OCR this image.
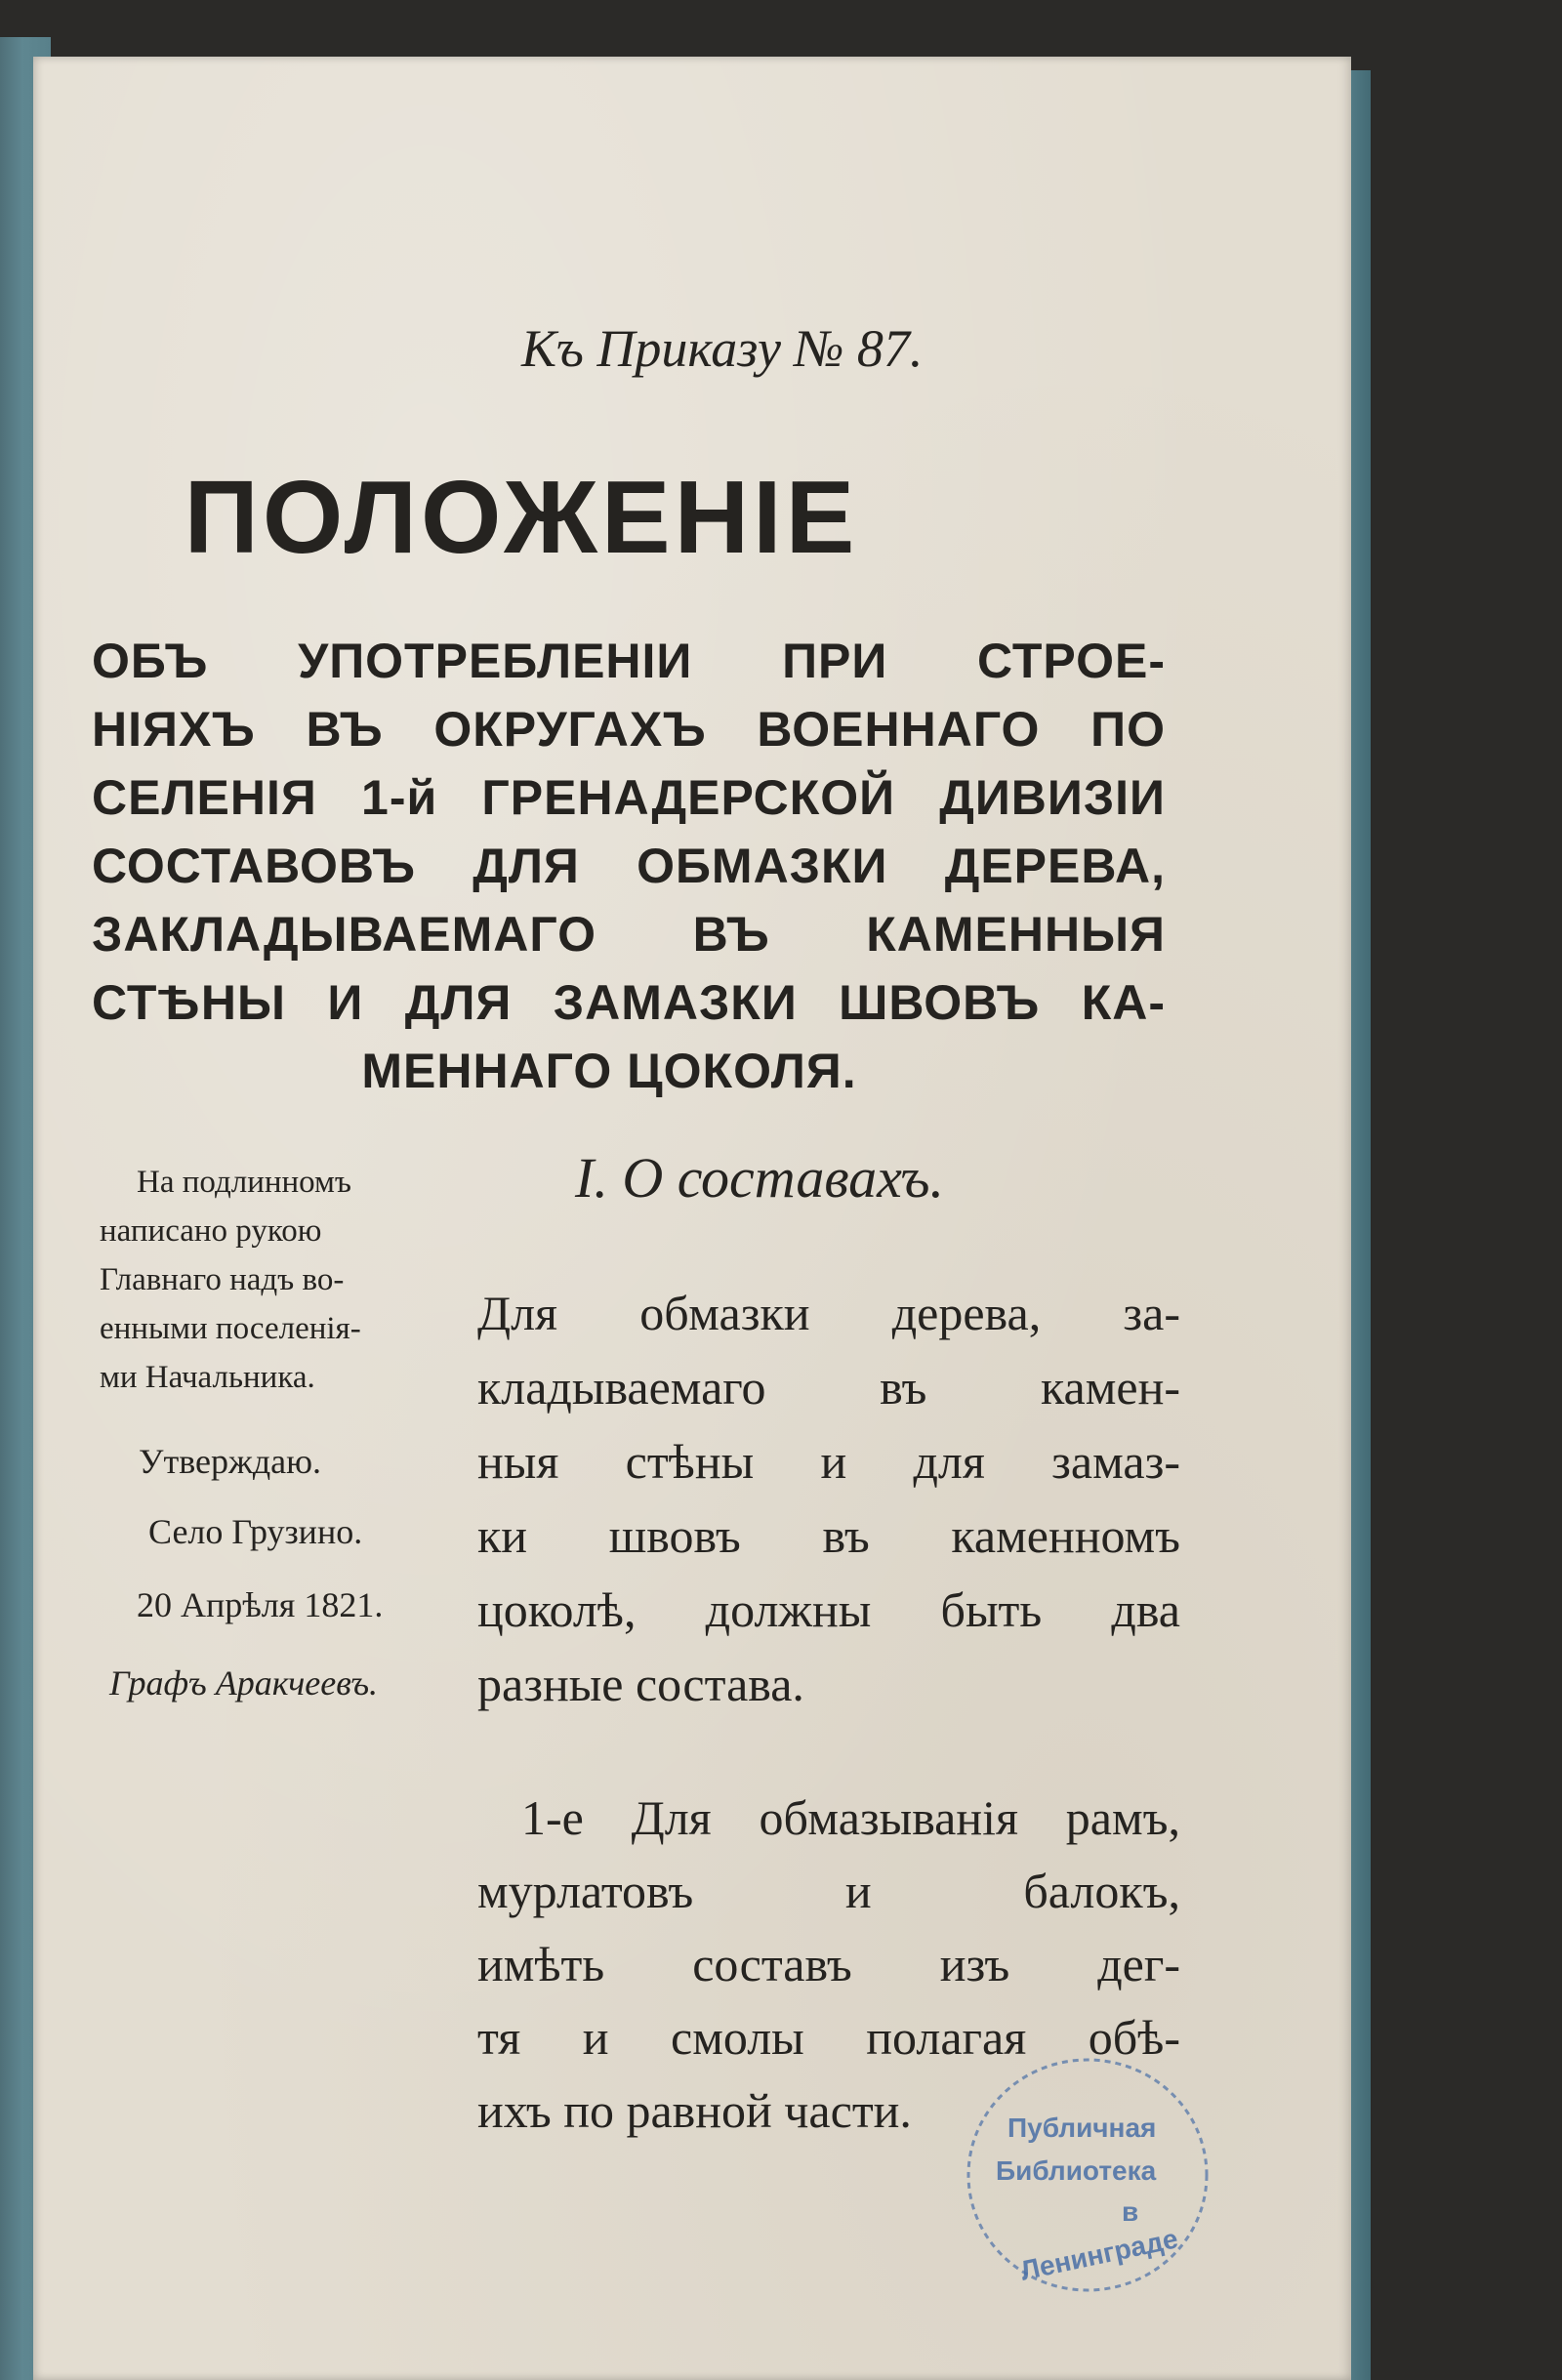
Къ Приказу № 87.

ПОЛОЖЕНІЕ

ОБЪ УПОТРЕБЛЕНІИ ПРИ СТРОЕ-

НІЯХЪ ВЪ ОКРУГАХЪ ВОЕННАГО ПО

СЕЛЕНІЯ 1-й ГРЕНАДЕРСКОЙ ДИВИЗІИ

СОСТАВОВЪ ДЛЯ ОБМАЗКИ ДЕРЕВА,

ЗАКЛАДЫВАЕМАГО ВЪ КАМЕННЫЯ

СТѢНЫ И ДЛЯ ЗАМАЗКИ ШВОВЪ КА-

МЕННАГО ЦОКОЛЯ.

На подлинномъ

написано рукою

Главнаго надъ во-

енными поселенія-

ми Начальника.

Утверждаю.

Село Грузино.

20 Апрѣля 1821.

Графъ Аракчеевъ.

I. О составахъ.

Для обмазки дерева, за-

кладываемаго въ камен-

ныя стѣны и для замаз-

ки швовъ въ каменномъ

цоколѣ, должны быть два

разные состава.

1-е Для обмазыванія рамъ,

мурлатовъ и балокъ,

имѣть составъ изъ дег-

тя и смолы полагая обѣ-

ихъ по равной части.	Публичная

Библиотека

в

Ленинграде
